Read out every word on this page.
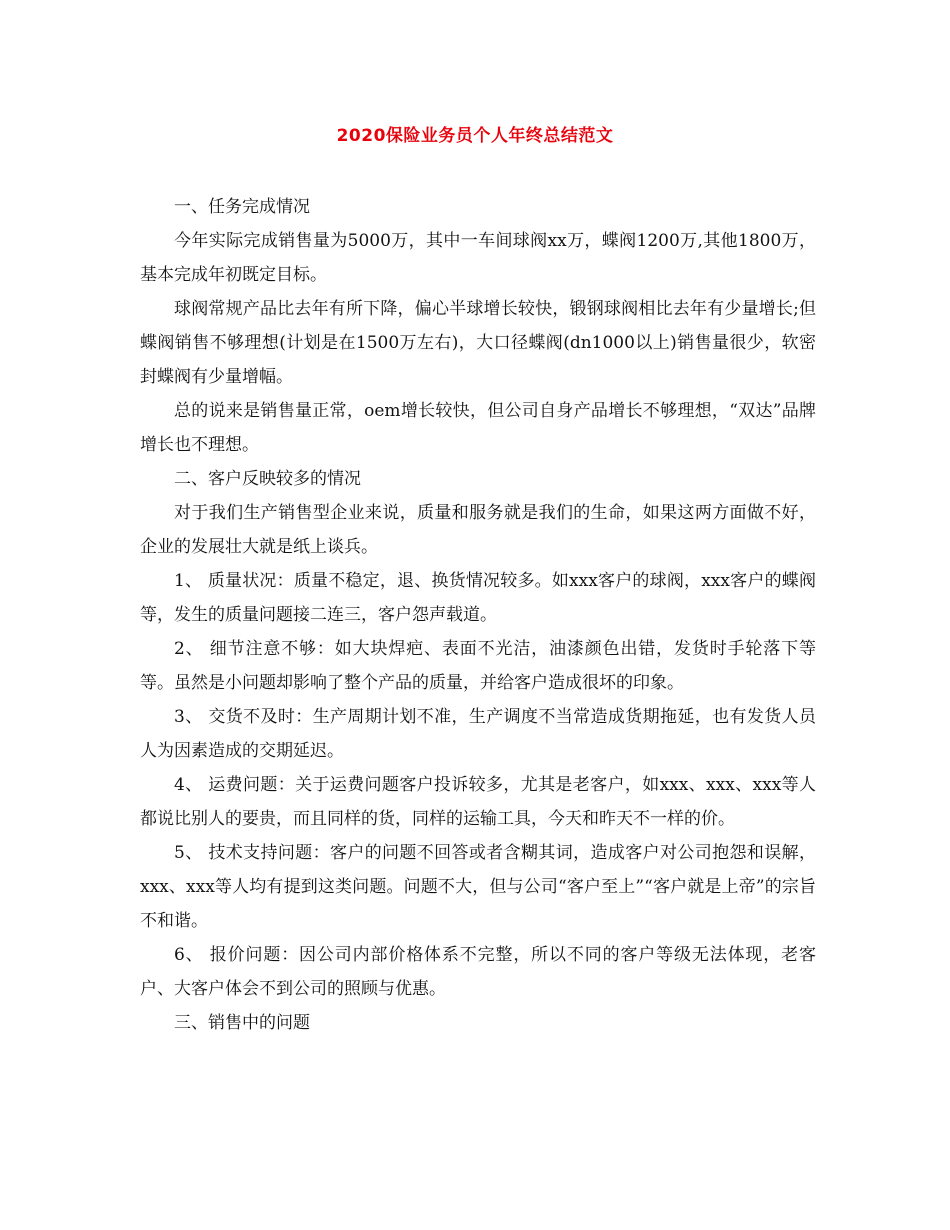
2020保险业务员个人年终总结范文

一、任务完成情况

今年实际完成销售量为5000万，其中一车间球阀xx万，蝶阀1200万,其他1800万，基本完成年初既定目标。

球阀常规产品比去年有所下降，偏心半球增长较快，锻钢球阀相比去年有少量增长;但蝶阀销售不够理想(计划是在1500万左右)，大口径蝶阀(dn1000以上)销售量很少，软密封蝶阀有少量增幅。

总的说来是销售量正常，oem增长较快，但公司自身产品增长不够理想，“双达”品牌增长也不理想。

二、客户反映较多的情况

对于我们生产销售型企业来说，质量和服务就是我们的生命，如果这两方面做不好，企业的发展壮大就是纸上谈兵。

1、 质量状况：质量不稳定，退、换货情况较多。如xxx客户的球阀，xxx客户的蝶阀等，发生的质量问题接二连三，客户怨声载道。

2、 细节注意不够：如大块焊疤、表面不光洁，油漆颜色出错，发货时手轮落下等等。虽然是小问题却影响了整个产品的质量，并给客户造成很坏的印象。

3、 交货不及时：生产周期计划不准，生产调度不当常造成货期拖延，也有发货人员人为因素造成的交期延迟。

4、 运费问题：关于运费问题客户投诉较多，尤其是老客户，如xxx、xxx、xxx等人都说比别人的要贵，而且同样的货，同样的运输工具，今天和昨天不一样的价。

5、 技术支持问题：客户的问题不回答或者含糊其词，造成客户对公司抱怨和误解，xxx、xxx等人均有提到这类问题。问题不大，但与公司“客户至上”“客户就是上帝”的宗旨不和谐。

6、 报价问题：因公司内部价格体系不完整，所以不同的客户等级无法体现，老客户、大客户体会不到公司的照顾与优惠。

三、销售中的问题
